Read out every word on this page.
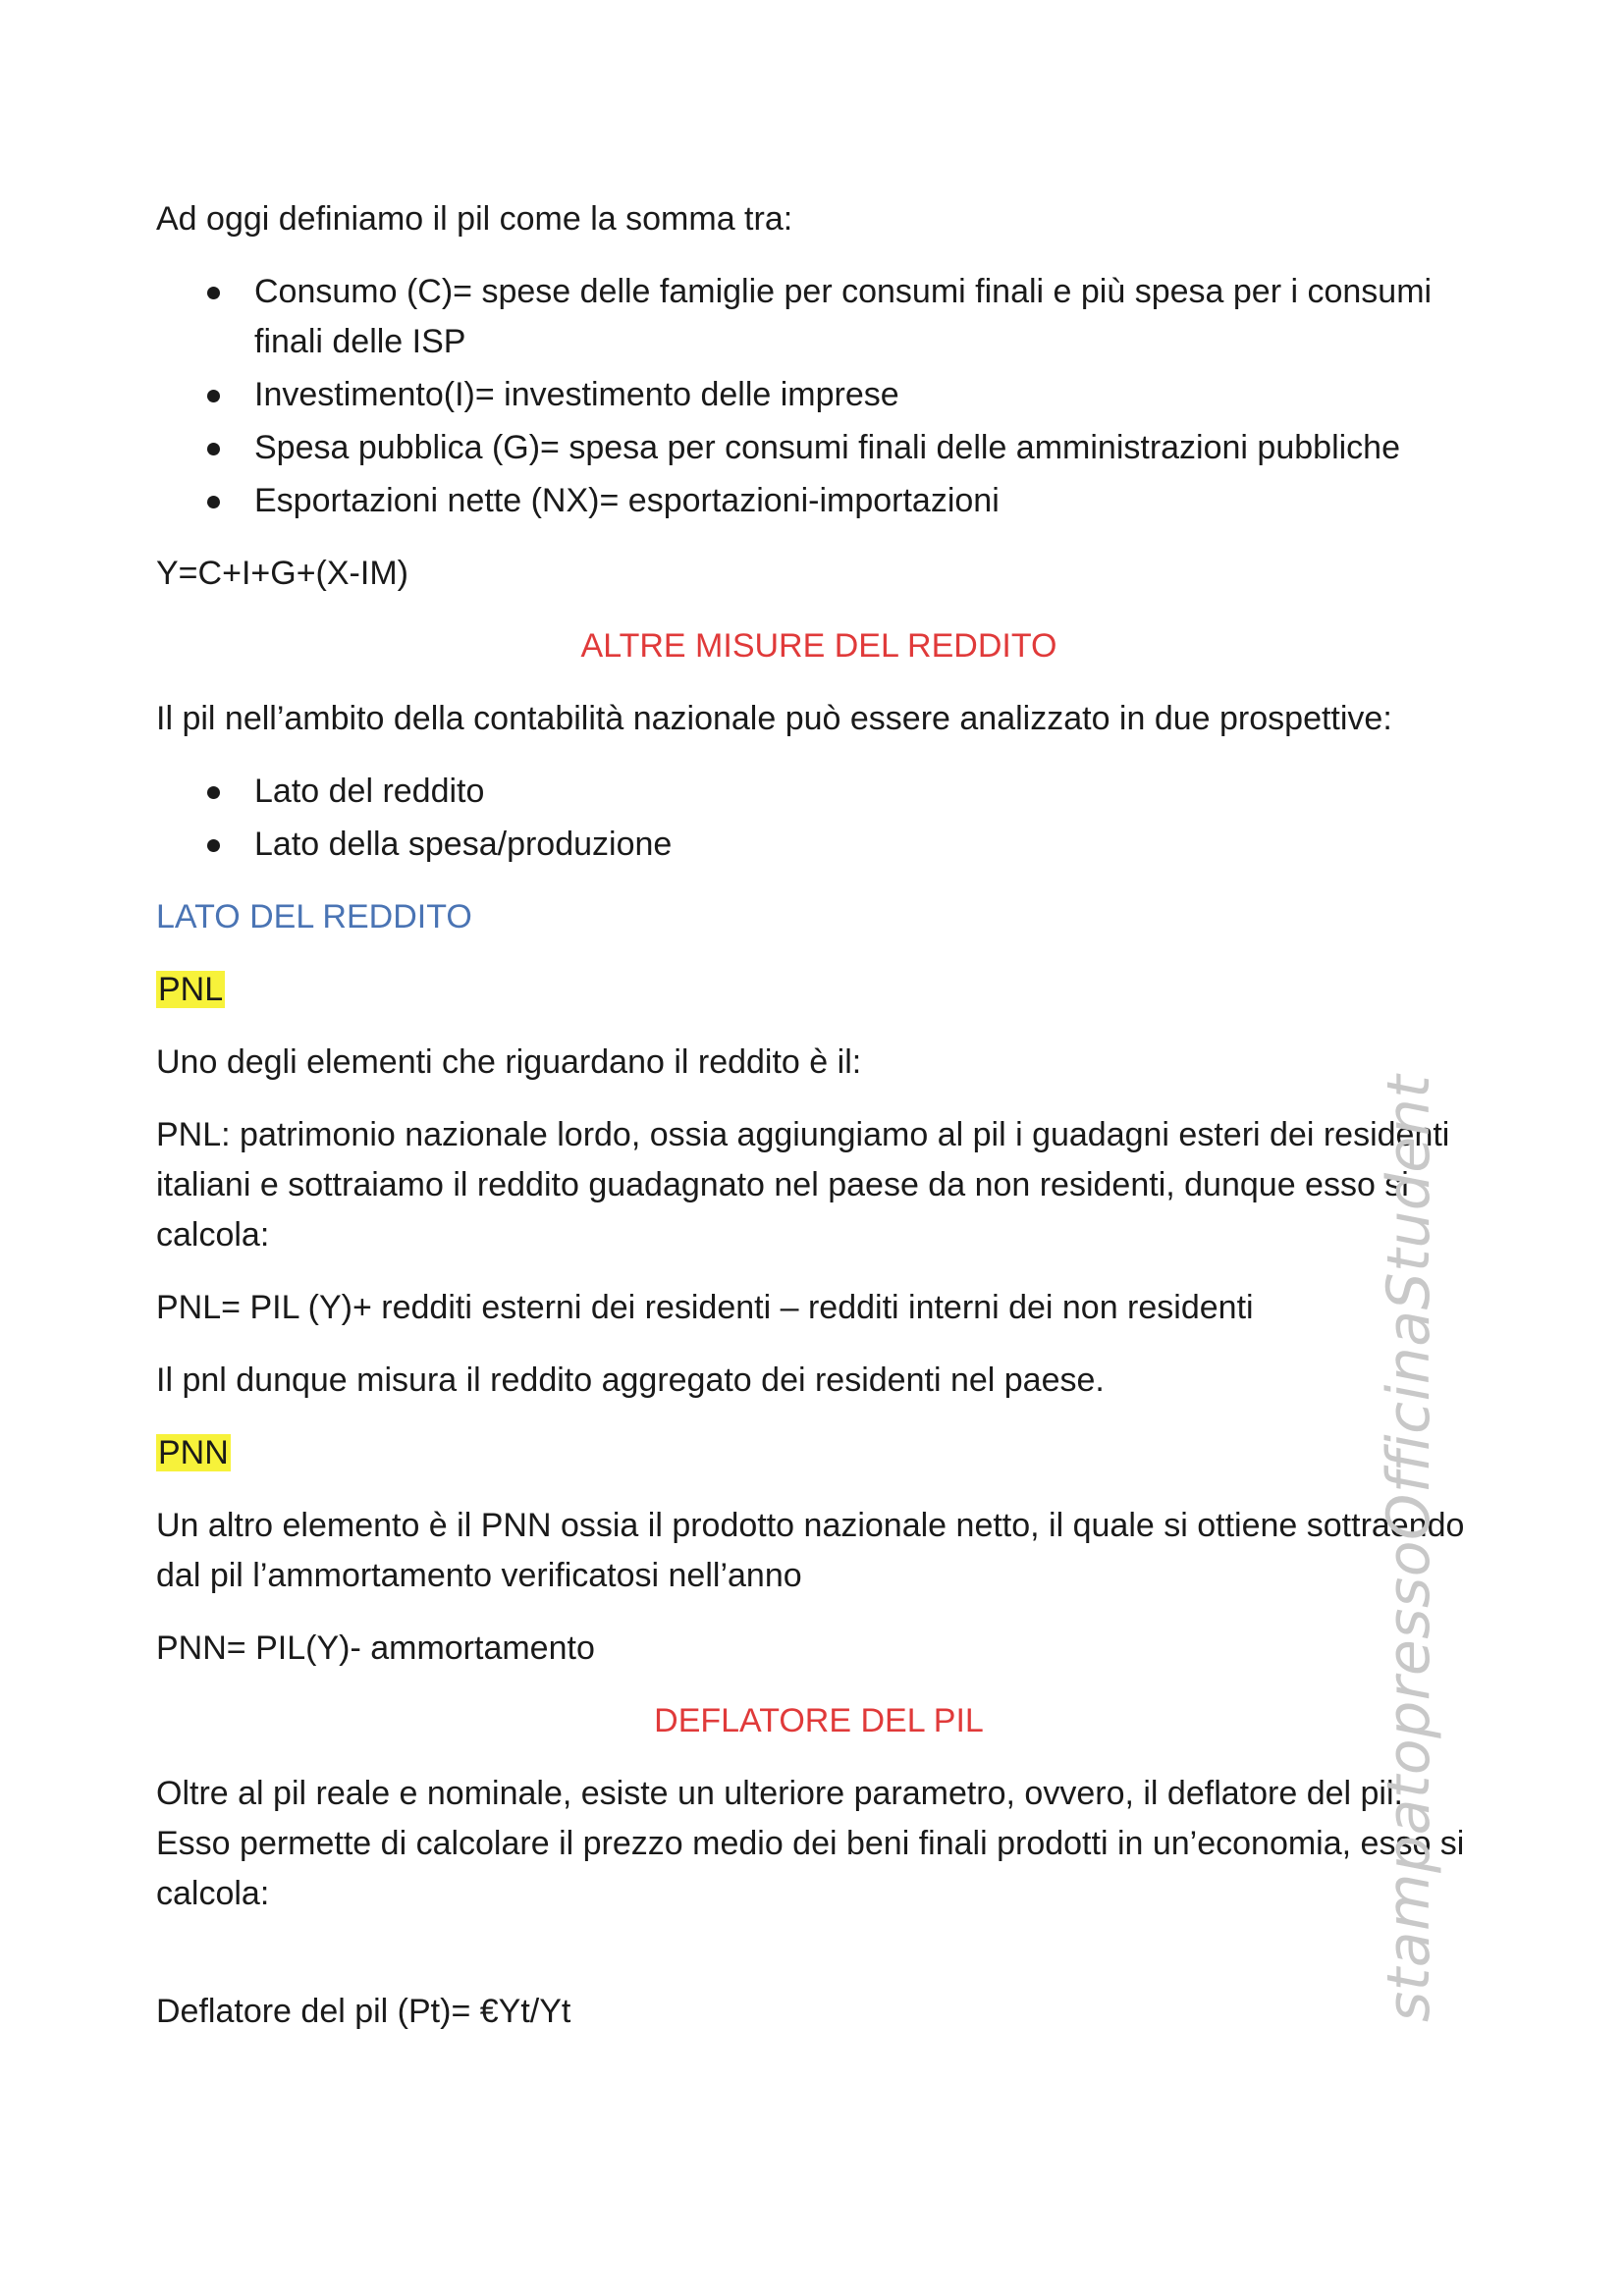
Ad oggi definiamo il pil come la somma tra:

Consumo (C)= spese delle famiglie per consumi finali e più spesa per i consumi finali delle ISP
Investimento(I)= investimento delle imprese
Spesa pubblica (G)= spesa per consumi finali delle amministrazioni pubbliche
Esportazioni nette (NX)= esportazioni-importazioni

Y=C+I+G+(X-IM)

ALTRE MISURE DEL REDDITO

Il pil nell’ambito della contabilità nazionale può essere analizzato in due prospettive:

Lato del reddito
Lato della spesa/produzione

LATO DEL REDDITO

PNL

Uno degli elementi che riguardano il reddito è il:

PNL: patrimonio nazionale lordo, ossia aggiungiamo al pil i guadagni esteri dei residenti italiani e sottraiamo il reddito guadagnato nel paese da non residenti, dunque esso si calcola:

PNL= PIL (Y)+ redditi esterni dei residenti – redditi interni dei non residenti

Il pnl dunque misura il reddito aggregato dei residenti nel paese.

PNN

Un altro elemento è il PNN ossia il prodotto nazionale netto, il quale si ottiene sottraendo dal pil l’ammortamento verificatosi nell’anno

PNN= PIL(Y)- ammortamento

DEFLATORE DEL PIL

Oltre al pil reale e nominale, esiste un ulteriore parametro, ovvero, il deflatore del pil. Esso permette di calcolare il prezzo medio dei beni finali prodotti in un’economia, esso si calcola:

Deflatore del pil (Pt)= €Yt/Yt	stampatopressoOfficinaStudent
